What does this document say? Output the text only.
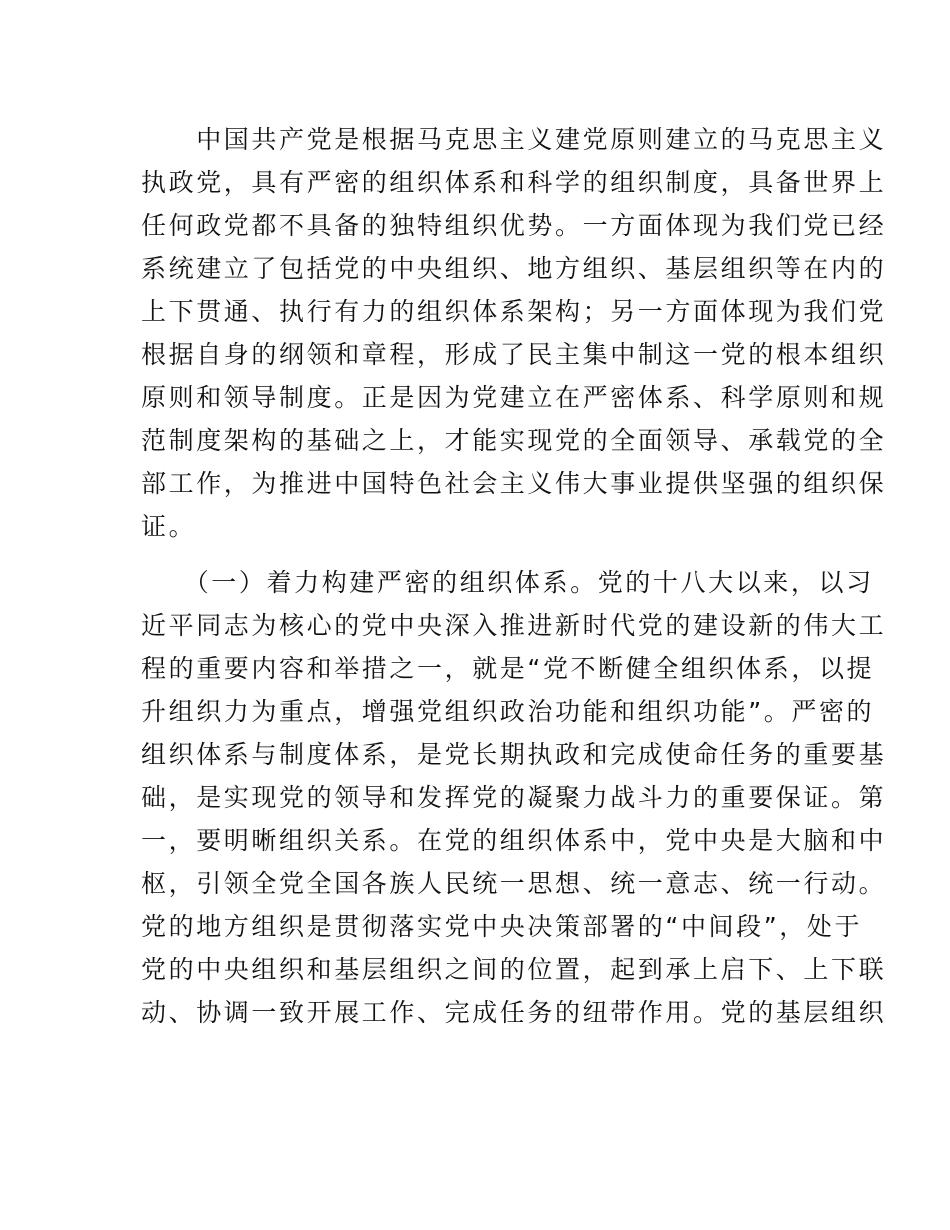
　　中国共产党是根据马克思主义建党原则建立的马克思主义
执政党，具有严密的组织体系和科学的组织制度，具备世界上
任何政党都不具备的独特组织优势。一方面体现为我们党已经
系统建立了包括党的中央组织、地方组织、基层组织等在内的
上下贯通、执行有力的组织体系架构；另一方面体现为我们党
根据自身的纲领和章程，形成了民主集中制这一党的根本组织
原则和领导制度。正是因为党建立在严密体系、科学原则和规
范制度架构的基础之上，才能实现党的全面领导、承载党的全
部工作，为推进中国特色社会主义伟大事业提供坚强的组织保
证。
　　（一）着力构建严密的组织体系。党的十八大以来，以习
近平同志为核心的党中央深入推进新时代党的建设新的伟大工
程的重要内容和举措之一，就是“党不断健全组织体系，以提
升组织力为重点，增强党组织政治功能和组织功能”。严密的
组织体系与制度体系，是党长期执政和完成使命任务的重要基
础，是实现党的领导和发挥党的凝聚力战斗力的重要保证。第
一，要明晰组织关系。在党的组织体系中，党中央是大脑和中
枢，引领全党全国各族人民统一思想、统一意志、统一行动。
党的地方组织是贯彻落实党中央决策部署的“中间段”，处于
党的中央组织和基层组织之间的位置，起到承上启下、上下联
动、协调一致开展工作、完成任务的纽带作用。党的基层组织
